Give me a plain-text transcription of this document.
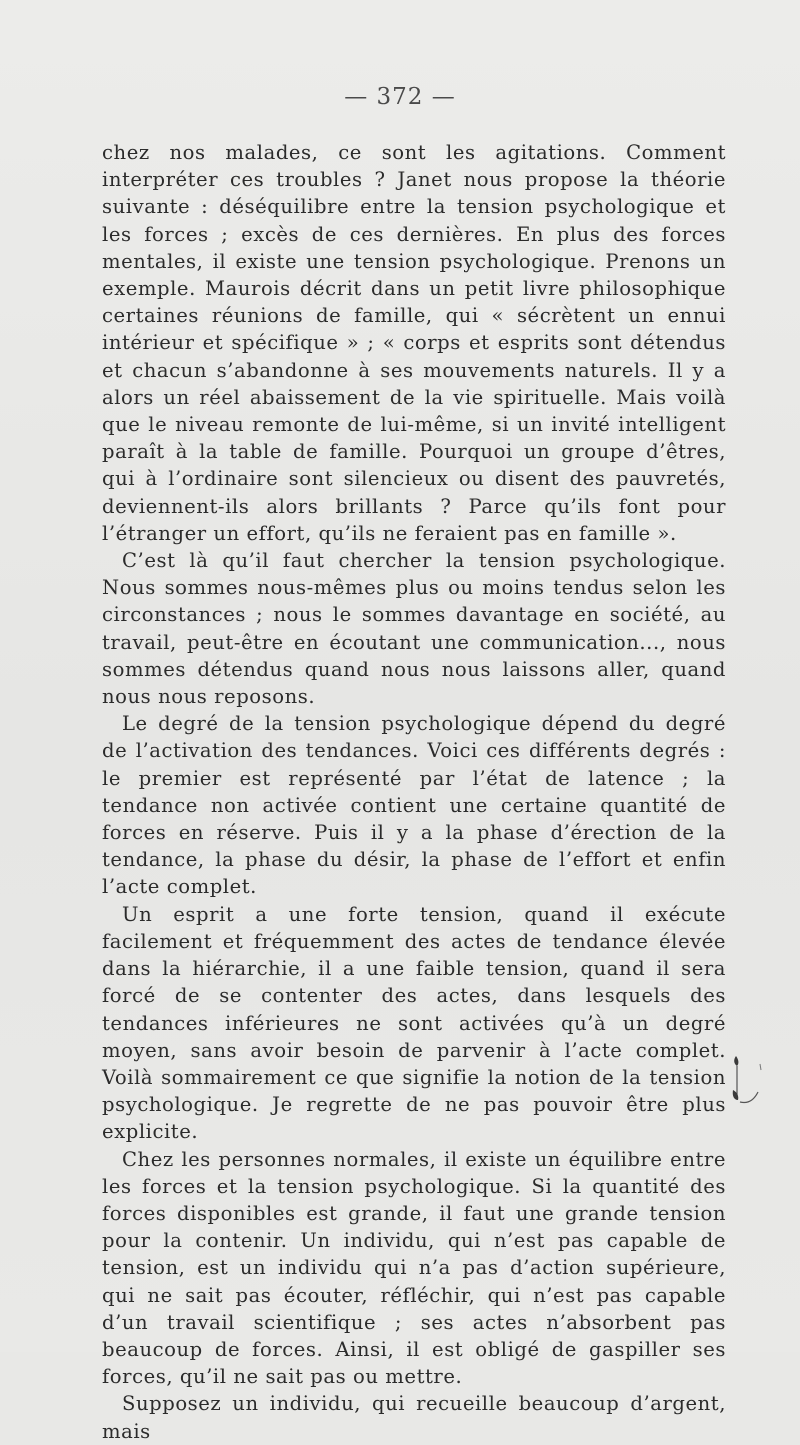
— 372 —

chez nos malades, ce sont les agitations. Comment interpréter ces troubles ? Janet nous propose la théorie suivante : déséquilibre entre la tension psychologique et les forces ; excès de ces dernières. En plus des forces mentales, il existe une tension psychologique. Prenons un exemple. Maurois décrit dans un petit livre philosophique certaines réunions de famille, qui « sécrètent un ennui intérieur et spécifique » ; « corps et esprits sont détendus et chacun s’abandonne à ses mouvements naturels. Il y a alors un réel abaissement de la vie spirituelle. Mais voilà que le niveau remonte de lui-même, si un invité intelligent paraît à la table de famille. Pourquoi un groupe d’êtres, qui à l’ordinaire sont silencieux ou disent des pauvretés, deviennent-ils alors brillants ? Parce qu’ils font pour l’étranger un effort, qu’ils ne feraient pas en famille ».

C’est là qu’il faut chercher la tension psychologique. Nous sommes nous-mêmes plus ou moins tendus selon les circonstances ; nous le sommes davantage en société, au travail, peut-être en écoutant une communication..., nous sommes détendus quand nous nous laissons aller, quand nous nous reposons.

Le degré de la tension psychologique dépend du degré de l’activation des tendances. Voici ces différents degrés : le premier est représenté par l’état de latence ; la tendance non activée contient une certaine quantité de forces en réserve. Puis il y a la phase d’érection de la tendance, la phase du désir, la phase de l’effort et enfin l’acte complet.

Un esprit a une forte tension, quand il exécute facilement et fréquemment des actes de tendance élevée dans la hiérarchie, il a une faible tension, quand il sera forcé de se contenter des actes, dans lesquels des tendances inférieures ne sont activées qu’à un degré moyen, sans avoir besoin de parvenir à l’acte complet. Voilà sommairement ce que signifie la notion de la tension psychologique. Je regrette de ne pas pouvoir être plus explicite.

Chez les personnes normales, il existe un équilibre entre les forces et la tension psychologique. Si la quantité des forces disponibles est grande, il faut une grande tension pour la contenir. Un individu, qui n’est pas capable de tension, est un individu qui n’a pas d’action supérieure, qui ne sait pas écouter, réfléchir, qui n’est pas capable d’un travail scientifique ; ses actes n’absorbent pas beaucoup de forces. Ainsi, il est obligé de gaspiller ses forces, qu’il ne sait pas ou mettre.

Supposez un individu, qui recueille beaucoup d’argent, mais
